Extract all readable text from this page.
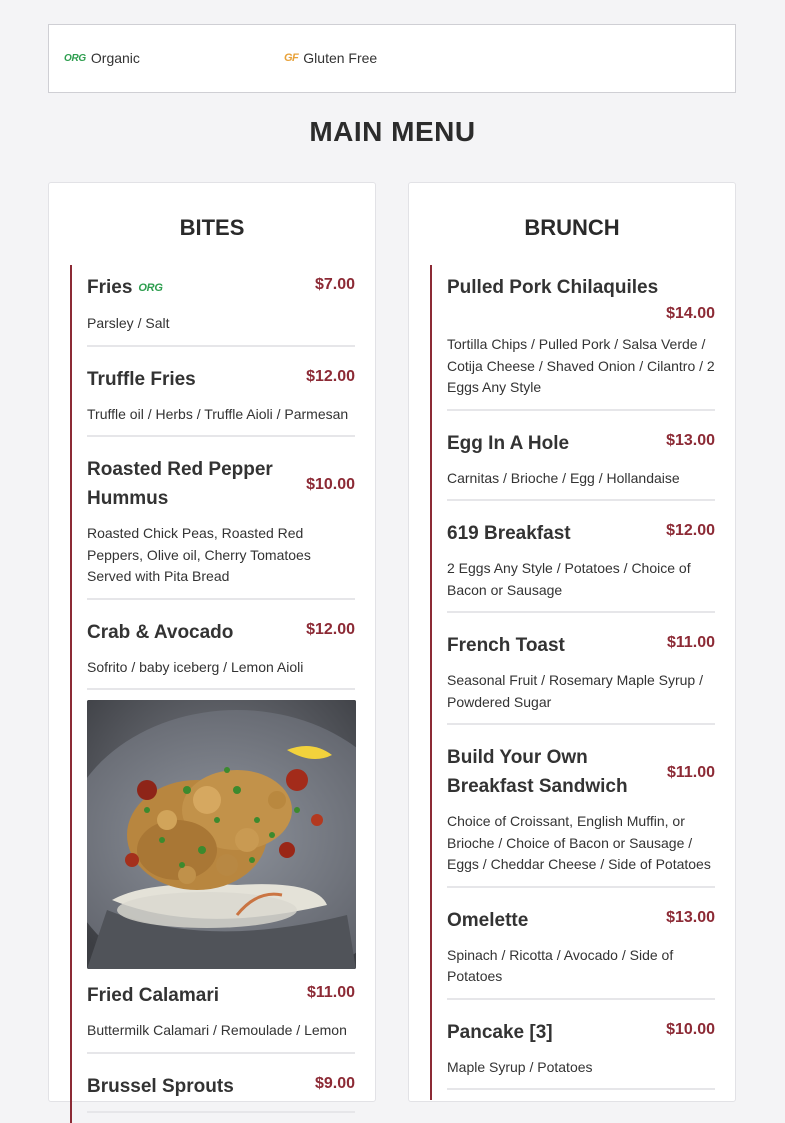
ORG Organic	GF Gluten Free
MAIN MENU
BITES
Fries ORG	$7.00
Parsley / Salt
Truffle Fries	$12.00
Truffle oil / Herbs / Truffle Aioli / Parmesan
Roasted Red Pepper Hummus
$10.00
Roasted Chick Peas, Roasted Red Peppers, Olive oil, Cherry Tomatoes Served with Pita Bread
Crab & Avocado	$12.00
Sofrito / baby iceberg / Lemon Aioli
Fried Calamari	$11.00
Buttermilk Calamari / Remoulade / Lemon
Brussel Sprouts	$9.00
BRUNCH
Pulled Pork Chilaquiles
$14.00
Tortilla Chips / Pulled Pork / Salsa Verde / Cotija Cheese / Shaved Onion / Cilantro / 2 Eggs Any Style
Egg In A Hole	$13.00
Carnitas / Brioche / Egg / Hollandaise
619 Breakfast	$12.00
2 Eggs Any Style / Potatoes / Choice of Bacon or Sausage
French Toast	$11.00
Seasonal Fruit / Rosemary Maple Syrup / Powdered Sugar
Build Your Own Breakfast Sandwich
$11.00
Choice of Croissant, English Muffin, or Brioche / Choice of Bacon or Sausage / Eggs / Cheddar Cheese / Side of Potatoes
Omelette	$13.00
Spinach / Ricotta / Avocado / Side of Potatoes
Pancake [3]	$10.00
Maple Syrup / Potatoes
